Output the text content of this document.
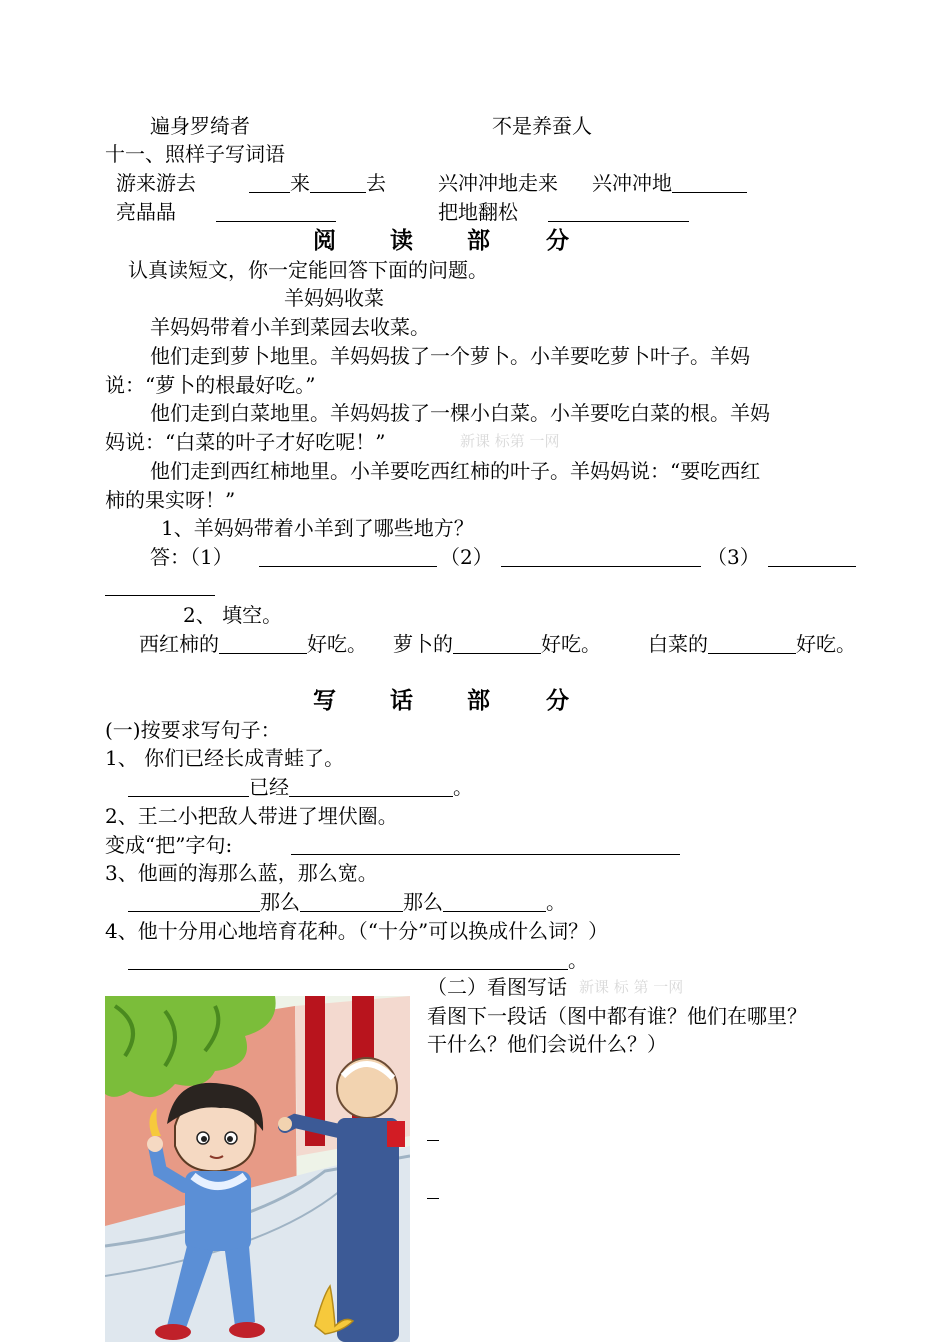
遍身罗绮者	不是养蚕人
十一、照样子写词语
游来游去	来	去	兴冲冲地走来 兴冲冲地
亮晶晶	把地翻松
阅 读 部 分
认真读短文，你一定能回答下面的问题。
羊妈妈收菜
羊妈妈带着小羊到菜园去收菜。
他们走到萝卜地里。羊妈妈拔了一个萝卜。小羊要吃萝卜叶子。羊妈
说：“萝卜的根最好吃。”
他们走到白菜地里。羊妈妈拔了一棵小白菜。小羊要吃白菜的根。羊妈
妈说：“白菜的叶子才好吃呢！”	新课 标第 一网
他们走到西红柿地里。小羊要吃西红柿的叶子。羊妈妈说：“要吃西红
柿的果实呀！”
1、羊妈妈带着小羊到了哪些地方？
答：（1）	（2）	（3）
2、 填空。
西红柿的	好吃。 萝卜的	好吃。 白菜的	好吃。
写 话 部 分
(一)按要求写句子：
1、 你们已经长成青蛙了。
已经	。
2、王二小把敌人带进了埋伏圈。
变成“把”字句:
3、他画的海那么蓝，那么宽。
那么	那么	。
4、他十分用心地培育花种。（“十分”可以换成什么词？）
。
（二）看图写话 新课 标 第 一网
看图下一段话（图中都有谁？他们在哪里？
干什么？他们会说什么？）
